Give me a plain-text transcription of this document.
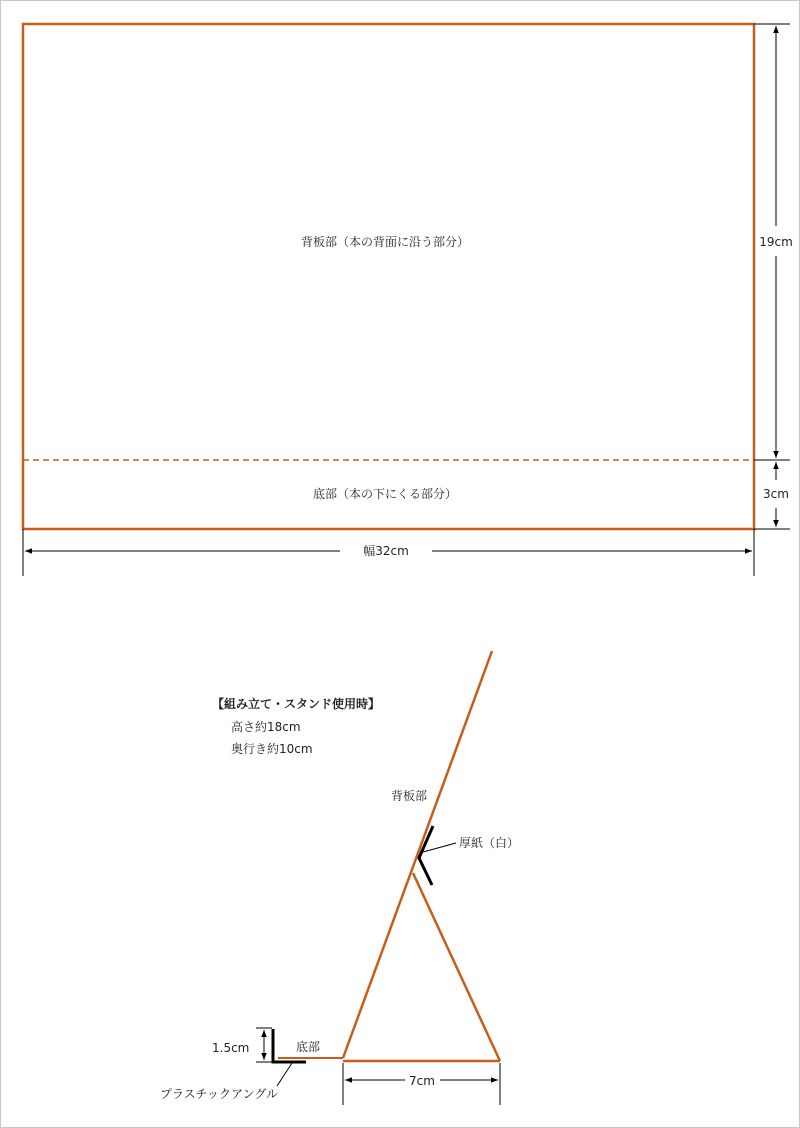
背板部（本の背面に沿う部分）
底部（本の下にくる部分）
19cm
3cm
幅32cm
【組み立て・スタンド使用時】
高さ約18cm
奥行き約10cm
厚紙（白）
背板部
プラスチックアングル
底部
1.5cm
7cm
